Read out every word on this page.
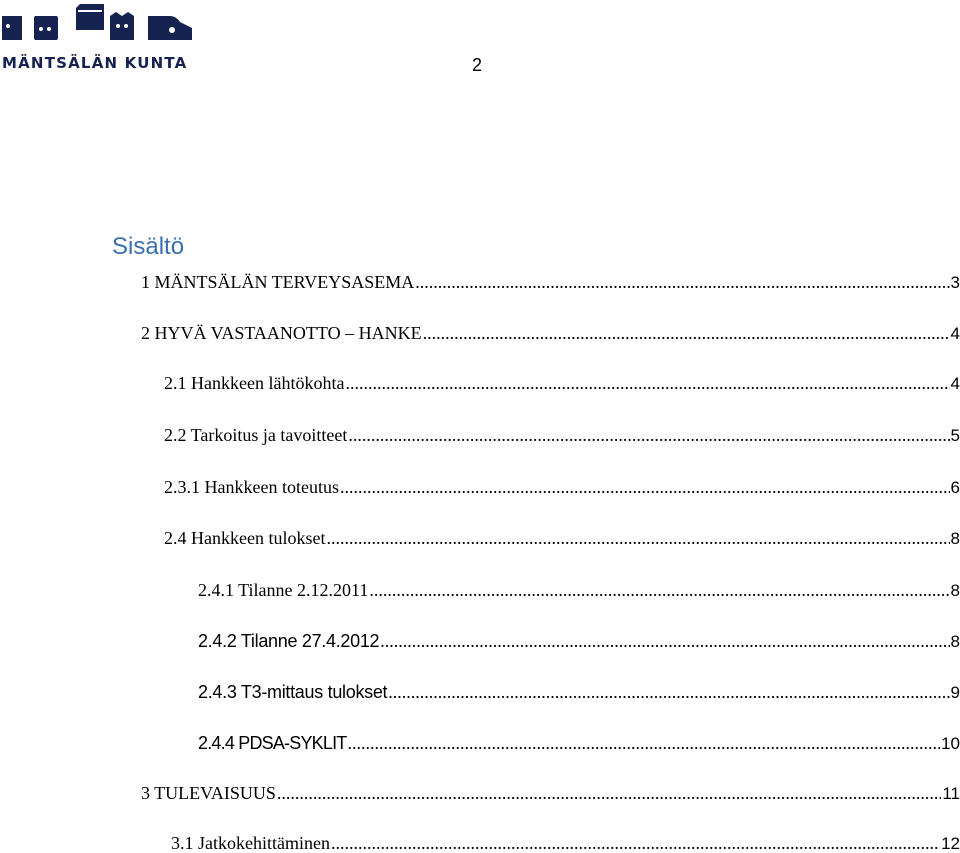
MÄNTSÄLÄN KUNTA	2
Sisältö
1 MÄNTSÄLÄN TERVEYSASEMA .....	3
2 HYVÄ VASTAANOTTO – HANKE .....	4
2.1 Hankkeen lähtökohta .....	4
2.2 Tarkoitus ja tavoitteet .....	5
2.3.1 Hankkeen toteutus .....	6
2.4 Hankkeen tulokset .....	8
2.4.1 Tilanne 2.12.2011 .....	8
2.4.2 Tilanne 27.4.2012 .....	8
2.4.3 T3-mittaus tulokset .....	9
2.4.4 PDSA-SYKLIT .....	10
3 TULEVAISUUS .....	11
3.1 Jatkokehittäminen .....	12
